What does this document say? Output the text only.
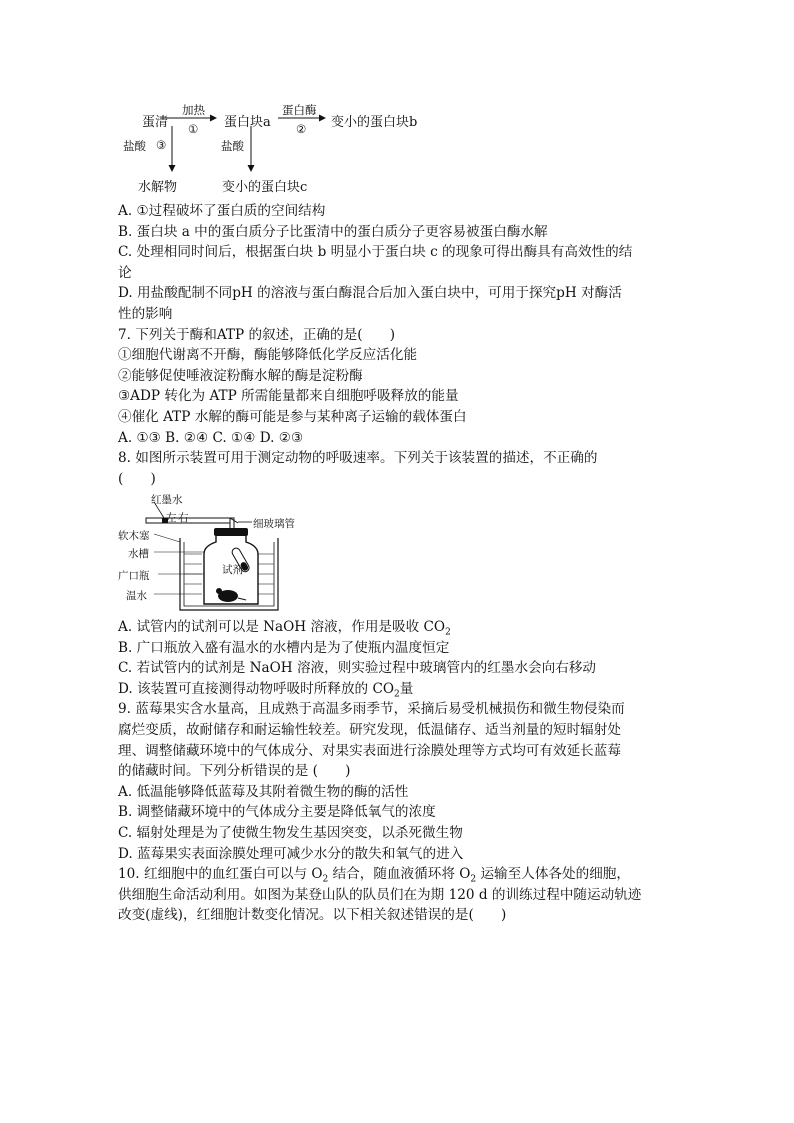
蛋清
加热
① 蛋白块a
蛋白酶
② 变小的蛋白块b
盐酸 ③	盐酸
水解物	变小的蛋白块c
A. ①过程破坏了蛋白质的空间结构
B. 蛋白块 a 中的蛋白质分子比蛋清中的蛋白质分子更容易被蛋白酶水解
C. 处理相同时间后，根据蛋白块 b 明显小于蛋白块 c 的现象可得出酶具有高效性的结
论
D. 用盐酸配制不同pH 的溶液与蛋白酶混合后加入蛋白块中，可用于探究pH 对酶活
性的影响
7. 下列关于酶和ATP 的叙述，正确的是(　　)
①细胞代谢离不开酶，酶能够降低化学反应活化能
②能够促使唾液淀粉酶水解的酶是淀粉酶
③ADP 转化为 ATP 所需能量都来自细胞呼吸释放的能量
④催化 ATP 水解的酶可能是参与某种离子运输的载体蛋白
A. ①③ B. ②④ C. ①④ D. ②③
8. 如图所示装置可用于测定动物的呼吸速率。下列关于该装置的描述，不正确的
(　　)
红墨水
左 右	细玻璃管
软木塞
水槽
试剂
广口瓶
温水
A. 试管内的试剂可以是 NaOH 溶液，作用是吸收 $CO_2$
B. 广口瓶放入盛有温水的水槽内是为了使瓶内温度恒定
C. 若试管内的试剂是 NaOH 溶液，则实验过程中玻璃管内的红墨水会向右移动
D. 该装置可直接测得动物呼吸时所释放的 $CO_2$量
9. 蓝莓果实含水量高，且成熟于高温多雨季节，采摘后易受机械损伤和微生物侵染而
腐烂变质，故耐储存和耐运输性较差。研究发现，低温储存、适当剂量的短时辐射处
理、调整储藏环境中的气体成分、对果实表面进行涂膜处理等方式均可有效延长蓝莓
的储藏时间。下列分析错误的是 (　　)
A. 低温能够降低蓝莓及其附着微生物的酶的活性
B. 调整储藏环境中的气体成分主要是降低氧气的浓度
C. 辐射处理是为了使微生物发生基因突变，以杀死微生物
D. 蓝莓果实表面涂膜处理可减少水分的散失和氧气的进入
10. 红细胞中的血红蛋白可以与 $O_2$ 结合，随血液循环将 $O_2$ 运输至人体各处的细胞，
供细胞生命活动利用。如图为某登山队的队员们在为期 120 d 的训练过程中随运动轨迹
改变(虚线)，红细胞计数变化情况。以下相关叙述错误的是(　　)
